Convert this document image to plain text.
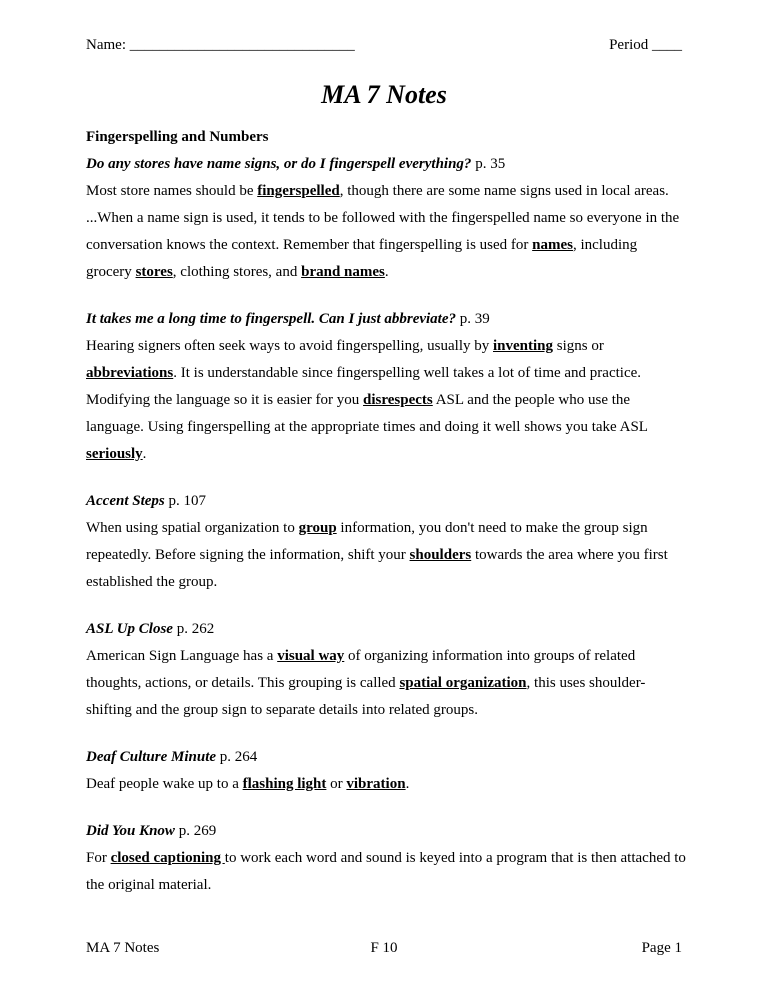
Name: ______________________________	Period ____
MA 7 Notes
Fingerspelling and Numbers
Do any stores have name signs, or do I fingerspell everything? p. 35

Most store names should be fingerspelled, though there are some name signs used in local areas.

...When a name sign is used, it tends to be followed with the fingerspelled name so everyone in the conversation knows the context. Remember that fingerspelling is used for names, including grocery stores, clothing stores, and brand names.

It takes me a long time to fingerspell. Can I just abbreviate? p. 39

Hearing signers often seek ways to avoid fingerspelling, usually by inventing signs or abbreviations. It is understandable since fingerspelling well takes a lot of time and practice. Modifying the language so it is easier for you disrespects ASL and the people who use the language. Using fingerspelling at the appropriate times and doing it well shows you take ASL seriously.

Accent Steps p. 107

When using spatial organization to group information, you don't need to make the group sign repeatedly. Before signing the information, shift your shoulders towards the area where you first established the group.

ASL Up Close p. 262

American Sign Language has a visual way of organizing information into groups of related thoughts, actions, or details. This grouping is called spatial organization, this uses shoulder-shifting and the group sign to separate details into related groups.

Deaf Culture Minute p. 264

Deaf people wake up to a flashing light or vibration.

Did You Know p. 269

For closed captioning to work each word and sound is keyed into a program that is then attached to the original material.

MA 7 Notes	F 10	Page 1
